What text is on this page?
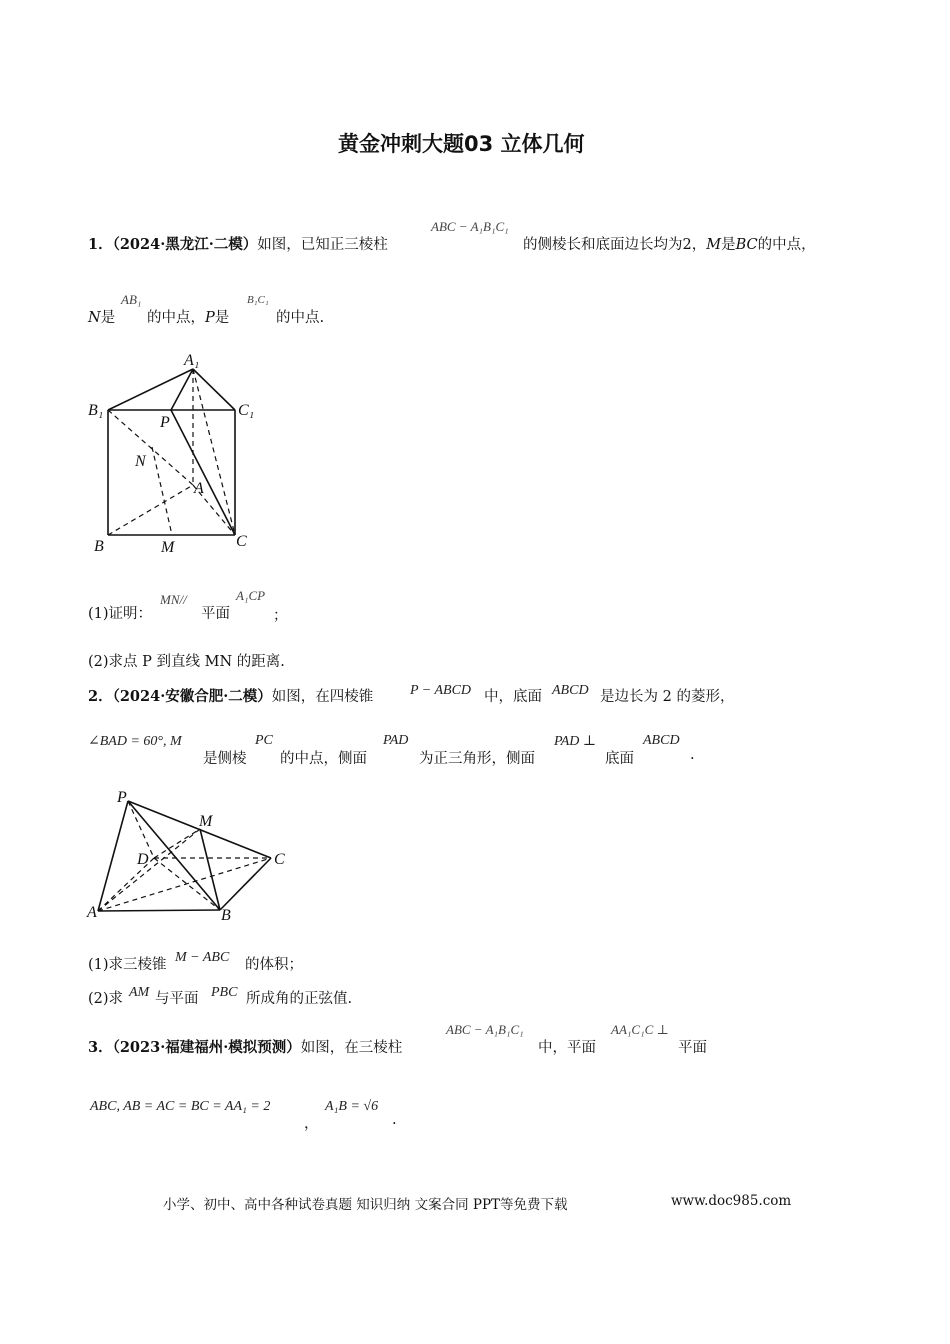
黄金冲刺大题03 立体几何
1．（2024·黑龙江·二模）如图，已知正三棱柱
ABC − A₁B₁C₁
的侧棱长和底面边长均为2，M是BC的中点，
N是
AB₁
的中点，P是
B₁C₁
的中点.
A₁
B₁	C₁
P
N
A
B	M	C
(1)证明：
MN//
平面
A₁CP
；
(2)求点 P 到直线 MN 的距离.
2．（2024·安徽合肥·二模）如图，在四棱锥	P − ABCD 中，底面 ABCD 是边长为 2 的菱形，
∠BAD = 60°, M
是侧棱
PC
的中点，侧面
PAD
为正三角形，侧面
PAD ⊥
底面
ABCD
.
P
M
D	C
A	B
(1)求三棱锥 M − ABC 的体积；
(2)求 AM 与平面 PBC 所成角的正弦值.
3．（2023·福建福州·模拟预测）如图，在三棱柱
ABC − A₁B₁C₁
中，平面
AA₁C₁C ⊥
平面
ABC, AB = AC = BC = AA₁ = 2
，
A₁B = √6
.
小学、初中、高中各种试卷真题 知识归纳 文案合同 PPT等免费下载	www.doc985.com
